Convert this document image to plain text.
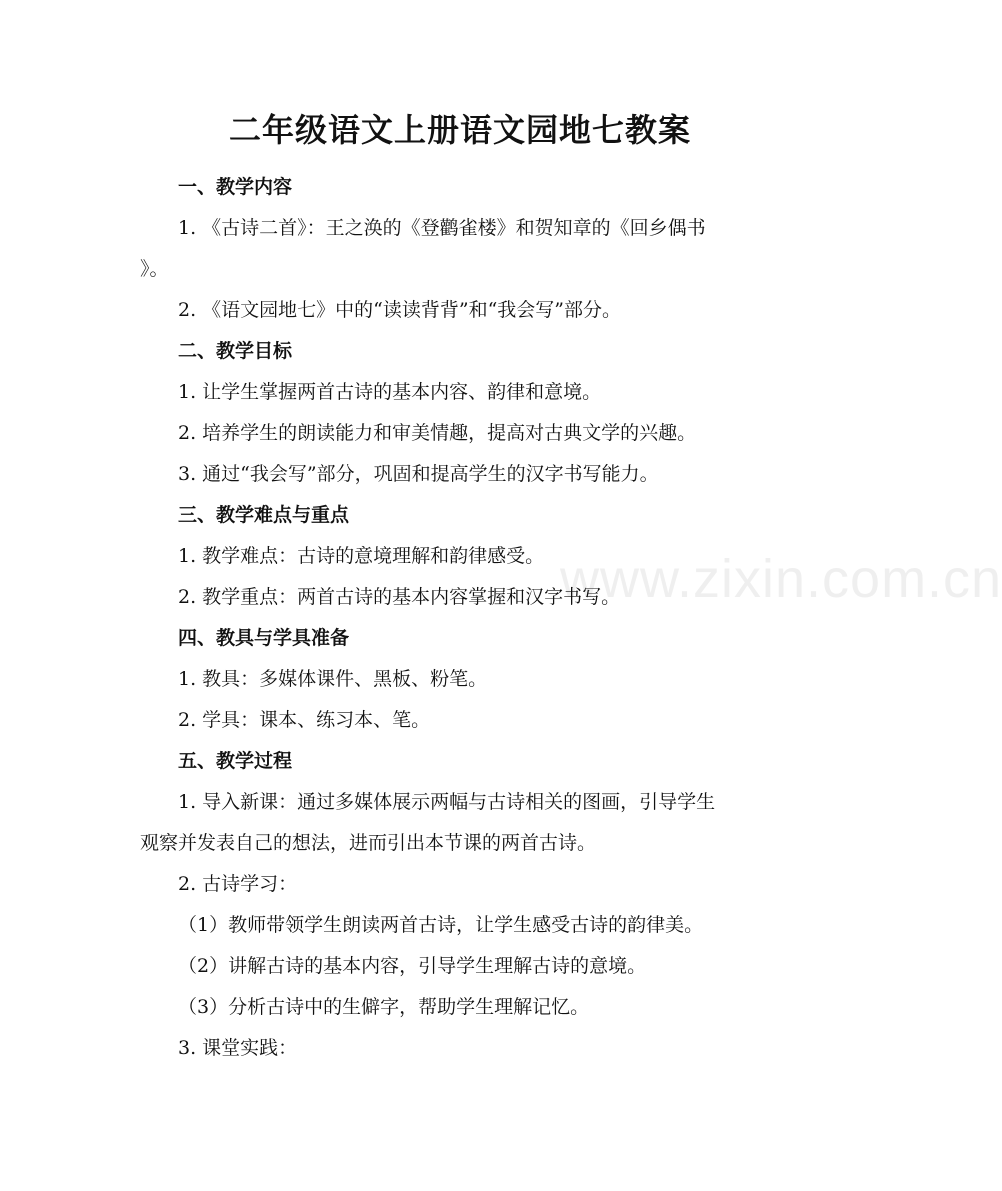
www.zixin.com.cn
二年级语文上册语文园地七教案
一、教学内容
1. 《古诗二首》：王之涣的《登鹳雀楼》和贺知章的《回乡偶书
》。
2. 《语文园地七》中的“读读背背”和“我会写”部分。
二、教学目标
1. 让学生掌握两首古诗的基本内容、韵律和意境。
2. 培养学生的朗读能力和审美情趣，提高对古典文学的兴趣。
3. 通过“我会写”部分，巩固和提高学生的汉字书写能力。
三、教学难点与重点
1. 教学难点：古诗的意境理解和韵律感受。
2. 教学重点：两首古诗的基本内容掌握和汉字书写。
四、教具与学具准备
1. 教具：多媒体课件、黑板、粉笔。
2. 学具：课本、练习本、笔。
五、教学过程
1. 导入新课：通过多媒体展示两幅与古诗相关的图画，引导学生
观察并发表自己的想法，进而引出本节课的两首古诗。
2. 古诗学习：
（1）教师带领学生朗读两首古诗，让学生感受古诗的韵律美。
（2）讲解古诗的基本内容，引导学生理解古诗的意境。
（3）分析古诗中的生僻字，帮助学生理解记忆。
3. 课堂实践：
